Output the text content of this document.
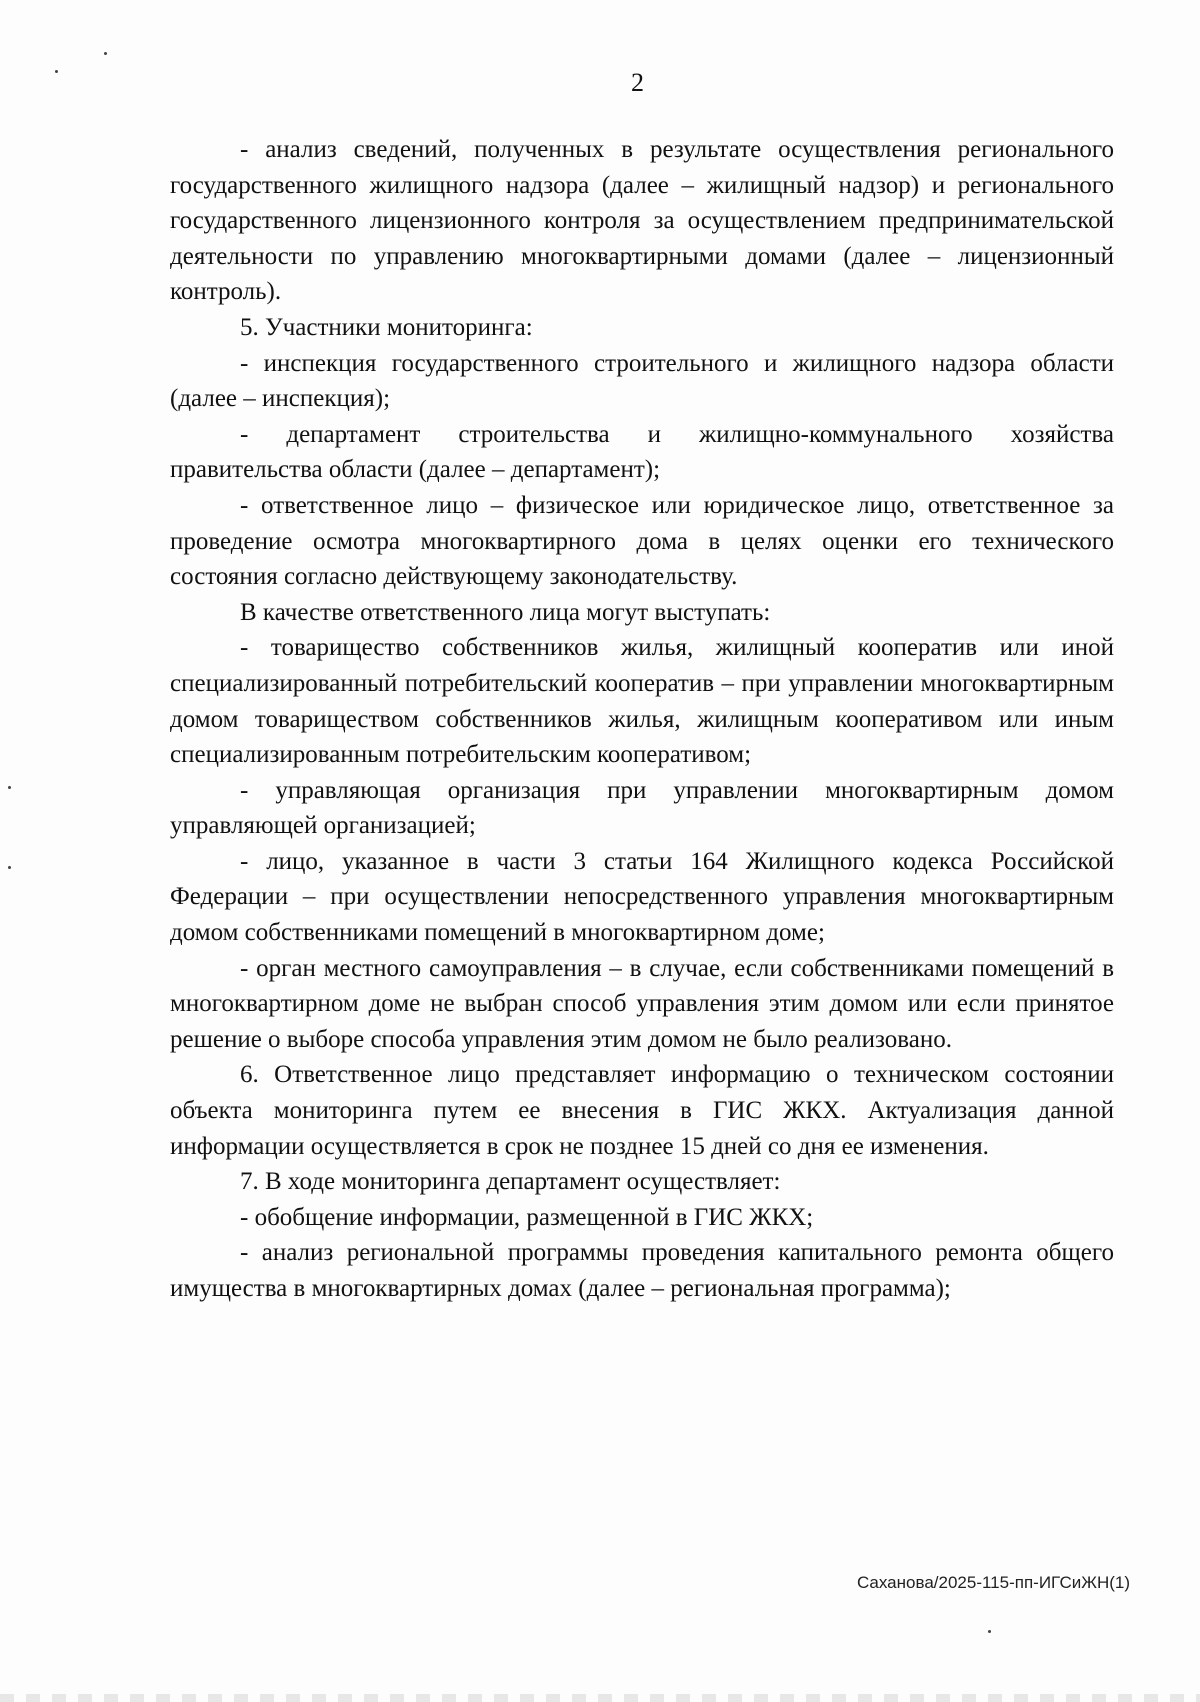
2

- анализ сведений, полученных в результате осуществления регионального государственного жилищного надзора (далее – жилищный надзор) и регионального государственного лицензионного контроля за осуществлением предпринимательской деятельности по управлению многоквартирными домами (далее – лицензионный контроль).

5. Участники мониторинга:

- инспекция государственного строительного и жилищного надзора области (далее – инспекция);

- департамент строительства и жилищно-коммунального хозяйства правительства области (далее – департамент);

- ответственное лицо – физическое или юридическое лицо, ответственное за проведение осмотра многоквартирного дома в целях оценки его технического состояния согласно действующему законодательству.

В качестве ответственного лица могут выступать:

- товарищество собственников жилья, жилищный кооператив или иной специализированный потребительский кооператив – при управлении многоквартирным домом товариществом собственников жилья, жилищным кооперативом или иным специализированным потребительским кооперативом;

- управляющая организация при управлении многоквартирным домом управляющей организацией;

- лицо, указанное в части 3 статьи 164 Жилищного кодекса Российской Федерации – при осуществлении непосредственного управления многоквартирным домом собственниками помещений в многоквартирном доме;

- орган местного самоуправления – в случае, если собственниками помещений в многоквартирном доме не выбран способ управления этим домом или если принятое решение о выборе способа управления этим домом не было реализовано.

6. Ответственное лицо представляет информацию о техническом состоянии объекта мониторинга путем ее внесения в ГИС ЖКХ. Актуализация данной информации осуществляется в срок не позднее 15 дней со дня ее изменения.

7. В ходе мониторинга департамент осуществляет:

- обобщение информации, размещенной в ГИС ЖКХ;

- анализ региональной программы проведения капитального ремонта общего имущества в многоквартирных домах (далее – региональная программа);

Саханова/2025-115-пп-ИГСиЖН(1)
